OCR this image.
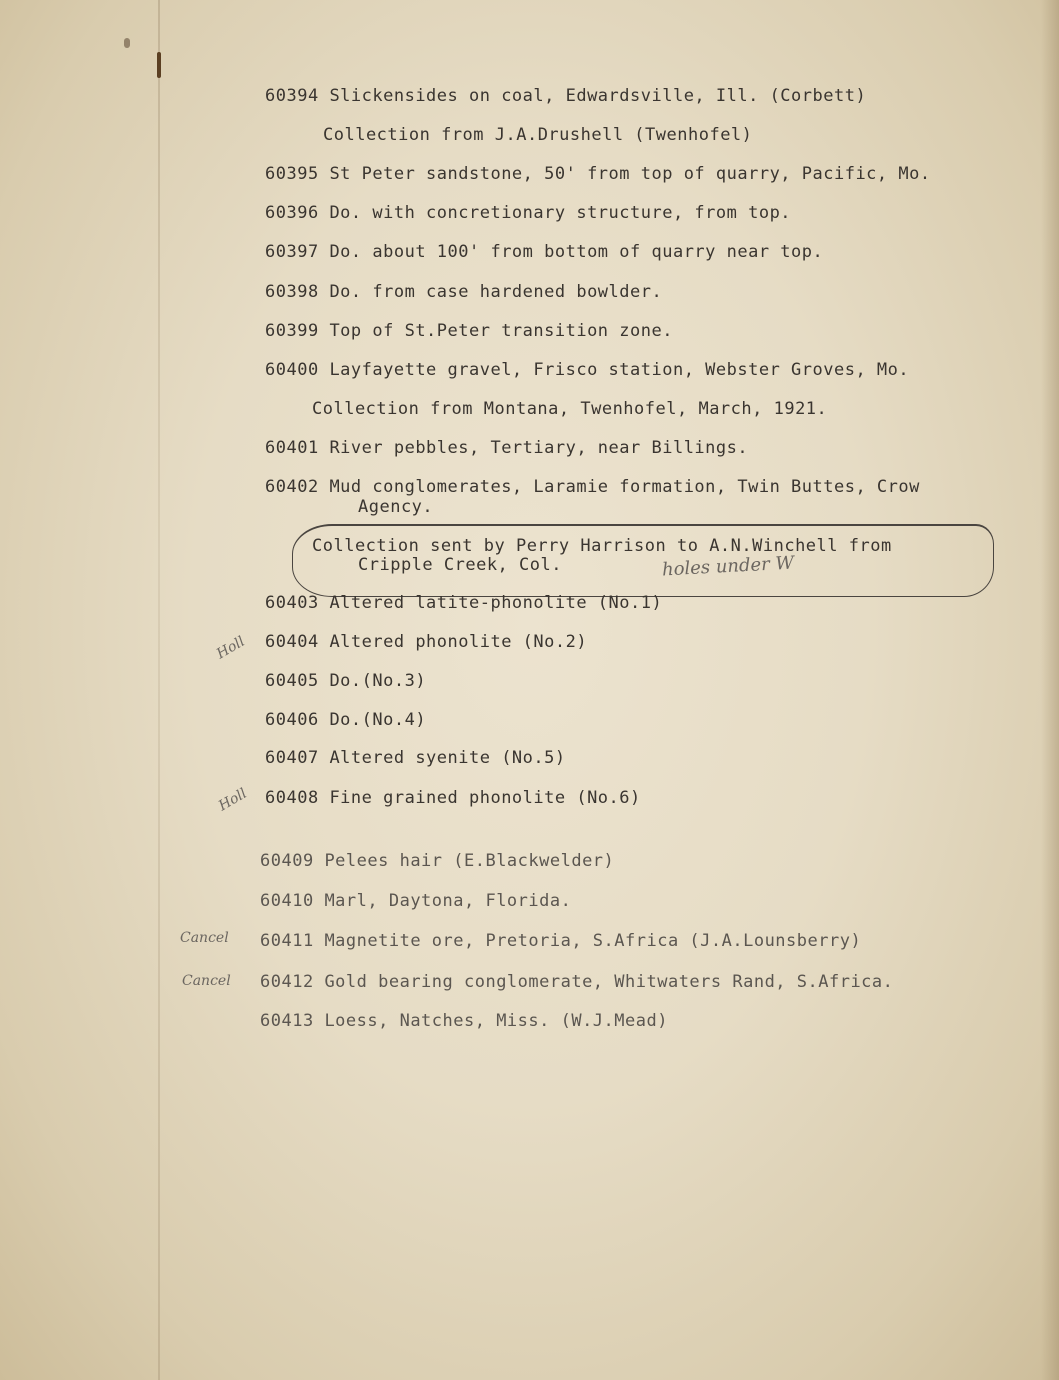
60394 Slickensides on coal, Edwardsville, Ill. (Corbett)
Collection from J.A.Drushell (Twenhofel)
60395 St Peter sandstone, 50' from top of quarry, Pacific, Mo.
60396 Do. with concretionary structure, from top.
60397 Do. about 100' from bottom of quarry near top.
60398 Do. from case hardened bowlder.
60399 Top of St.Peter transition zone.
60400 Layfayette gravel, Frisco station, Webster Groves, Mo.
Collection from Montana, Twenhofel, March, 1921.
60401 River pebbles, Tertiary, near Billings.
60402 Mud conglomerates, Laramie formation, Twin Buttes, Crow
Agency.
Collection sent by Perry Harrison to A.N.Winchell from
Cripple Creek, Col.	holes under W
60403 Altered latite-phonolite (No.1)
Holl 60404 Altered phonolite (No.2)
60405 Do.(No.3)
60406 Do.(No.4)
60407 Altered syenite (No.5)
Holl 60408 Fine grained phonolite (No.6)
60409 Pelees hair (E.Blackwelder)
60410 Marl, Daytona, Florida.
Cancel 60411 Magnetite ore, Pretoria, S.Africa (J.A.Lounsberry)
Cancel 60412 Gold bearing conglomerate, Whitwaters Rand, S.Africa.
60413 Loess, Natches, Miss. (W.J.Mead)
